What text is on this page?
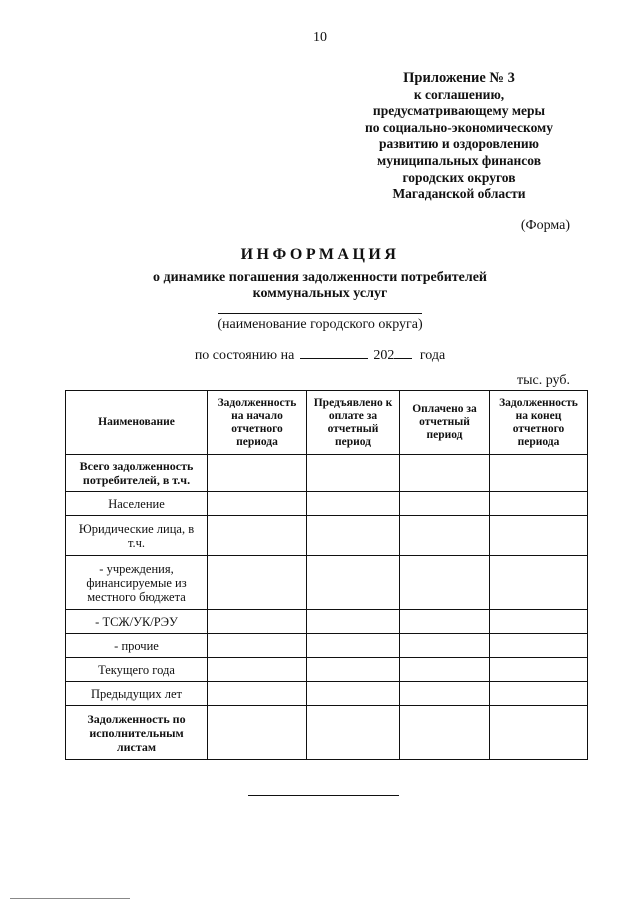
10
Приложение № 3
к соглашению,
предусматривающему меры
по социально-экономическому
развитию и оздоровлению
муниципальных финансов
городских округов
Магаданской области
(Форма)
ИНФОРМАЦИЯ
о динамике погашения задолженности потребителей
коммунальных услуг
(наименование городского округа)
по состоянию на	202 года
тыс. руб.
Наименование	Задолженность на начало отчетного периода	Предъявлено к оплате за отчетный период	Оплачено за отчетный период	Задолженность на конец отчетного периода
Всего задолженность потребителей, в т.ч.				
Население				
Юридические лица, в т.ч.				
- учреждения, финансируемые из местного бюджета				
- ТСЖ/УК/РЭУ				
- прочие				
Текущего года				
Предыдущих лет				
Задолженность по исполнительным листам				
